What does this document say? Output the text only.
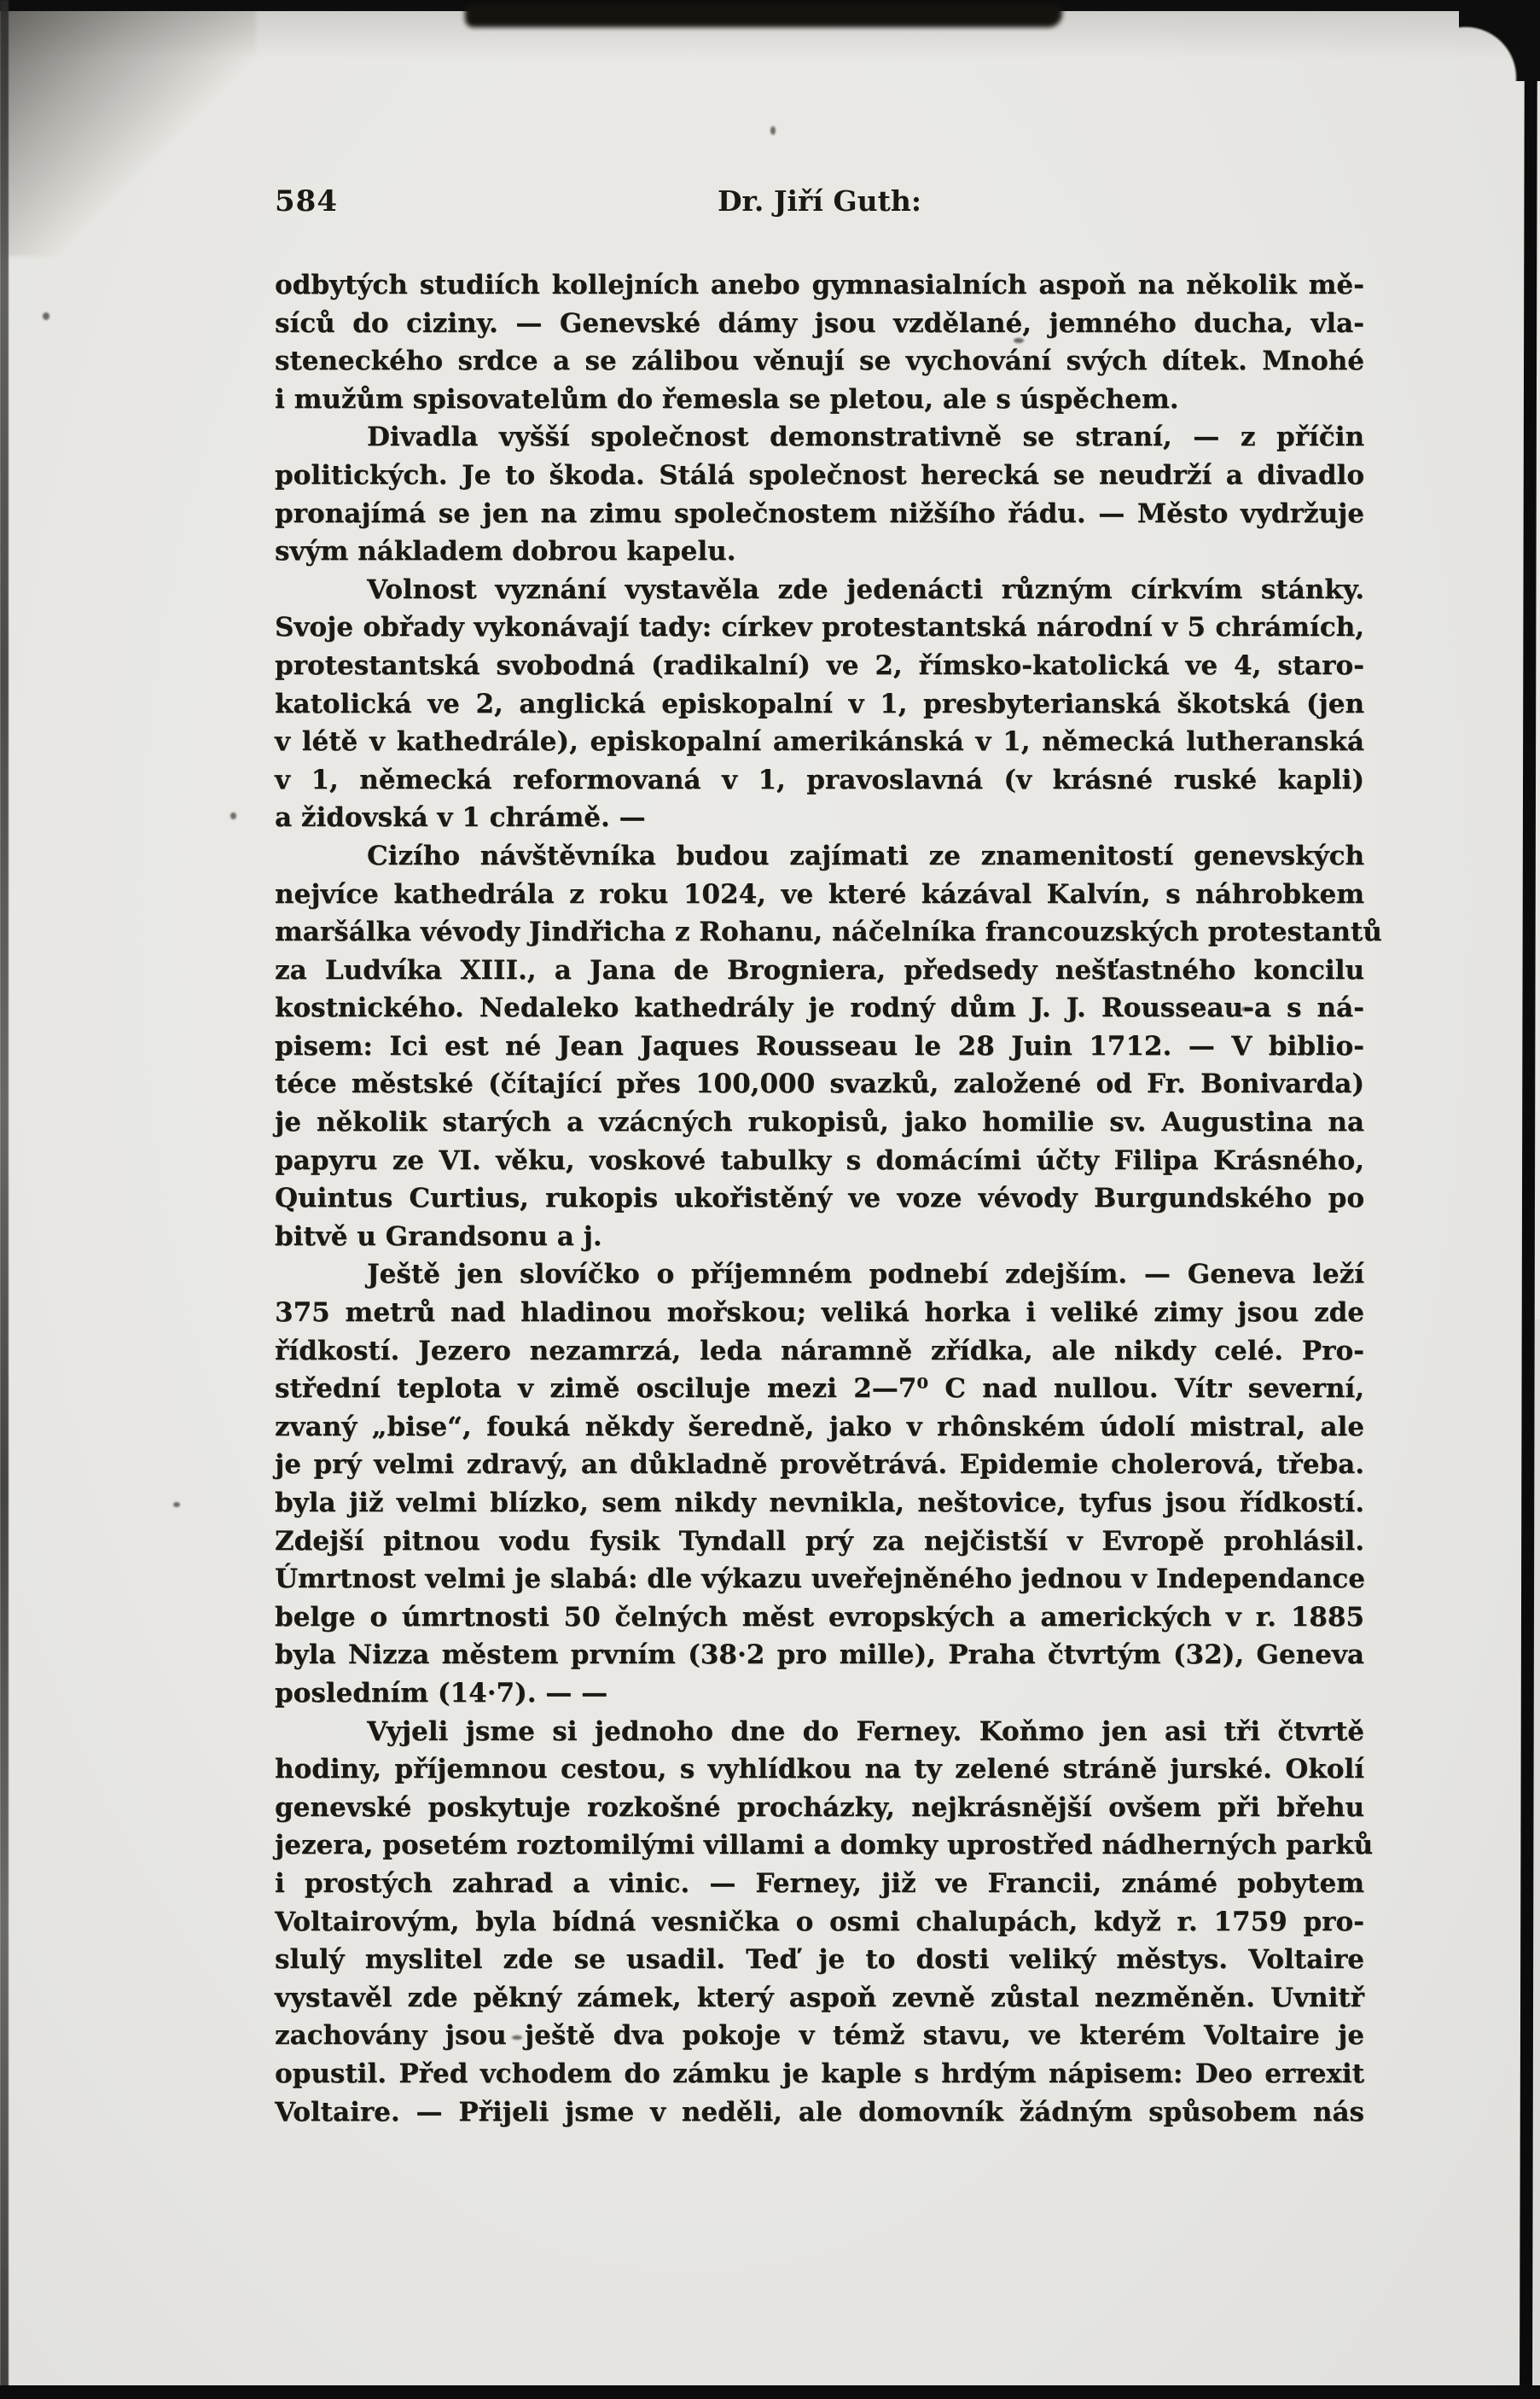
584	Dr. Jiří Guth:
odbytých studiích kollejních anebo gymnasialních aspoň na několik mě-
síců do ciziny. — Genevské dámy jsou vzdělané, jemného ducha, vla-
steneckého srdce a se zálibou věnují se vychování svých dítek. Mnohé
i mužům spisovatelům do řemesla se pletou, ale s úspěchem.
Divadla vyšší společnost demonstrativně se straní, — z příčin
politických. Je to škoda. Stálá společnost herecká se neudrží a divadlo
pronajímá se jen na zimu společnostem nižšího řádu. — Město vydržuje
svým nákladem dobrou kapelu.
Volnost vyznání vystavěla zde jedenácti různým církvím stánky.
Svoje obřady vykonávají tady: církev protestantská národní v 5 chrámích,
protestantská svobodná (radikalní) ve 2, římsko-katolická ve 4, staro-
katolická ve 2, anglická episkopalní v 1, presbyterianská škotská (jen
v létě v kathedrále), episkopalní amerikánská v 1, německá lutheranská
v 1, německá reformovaná v 1, pravoslavná (v krásné ruské kapli)
a židovská v 1 chrámě. —
Cizího návštěvníka budou zajímati ze znamenitostí genevských
nejvíce kathedrála z roku 1024, ve které kázával Kalvín, s náhrobkem
maršálka vévody Jindřicha z Rohanu, náčelníka francouzských protestantů
za Ludvíka XIII., a Jana de Brogniera, předsedy nešťastného koncilu
kostnického. Nedaleko kathedrály je rodný dům J. J. Rousseau-a s ná-
pisem: Ici est né Jean Jaques Rousseau le 28 Juin 1712. — V biblio-
téce městské (čítající přes 100,000 svazků, založené od Fr. Bonivarda)
je několik starých a vzácných rukopisů, jako homilie sv. Augustina na
papyru ze VI. věku, voskové tabulky s domácími účty Filipa Krásného,
Quintus Curtius, rukopis ukořistěný ve voze vévody Burgundského po
bitvě u Grandsonu a j.
Ještě jen slovíčko o příjemném podnebí zdejším. — Geneva leží
375 metrů nad hladinou mořskou; veliká horka i veliké zimy jsou zde
řídkostí. Jezero nezamrzá, leda náramně zřídka, ale nikdy celé. Pro-
střední teplota v zimě osciluje mezi 2—7⁰ C nad nullou. Vítr severní,
zvaný „bise“, fouká někdy šeredně, jako v rhônském údolí mistral, ale
je prý velmi zdravý, an důkladně provětrává. Epidemie cholerová, třeba.
byla již velmi blízko, sem nikdy nevnikla, neštovice, tyfus jsou řídkostí.
Zdejší pitnou vodu fysik Tyndall prý za nejčistší v Evropě prohlásil.
Úmrtnost velmi je slabá: dle výkazu uveřejněného jednou v Independance
belge o úmrtnosti 50 čelných měst evropských a amerických v r. 1885
byla Nizza městem prvním (38·2 pro mille), Praha čtvrtým (32), Geneva
posledním (14·7). — —
Vyjeli jsme si jednoho dne do Ferney. Koňmo jen asi tři čtvrtě
hodiny, příjemnou cestou, s vyhlídkou na ty zelené stráně jurské. Okolí
genevské poskytuje rozkošné procházky, nejkrásnější ovšem při břehu
jezera, posetém roztomilými villami a domky uprostřed nádherných parků
i prostých zahrad a vinic. — Ferney, již ve Francii, známé pobytem
Voltairovým, byla bídná vesnička o osmi chalupách, když r. 1759 pro-
slulý myslitel zde se usadil. Teď je to dosti veliký městys. Voltaire
vystavěl zde pěkný zámek, který aspoň zevně zůstal nezměněn. Uvnitř
zachovány jsou ještě dva pokoje v témž stavu, ve kterém Voltaire je
opustil. Před vchodem do zámku je kaple s hrdým nápisem: Deo errexit
Voltaire. — Přijeli jsme v neděli, ale domovník žádným spůsobem nás
